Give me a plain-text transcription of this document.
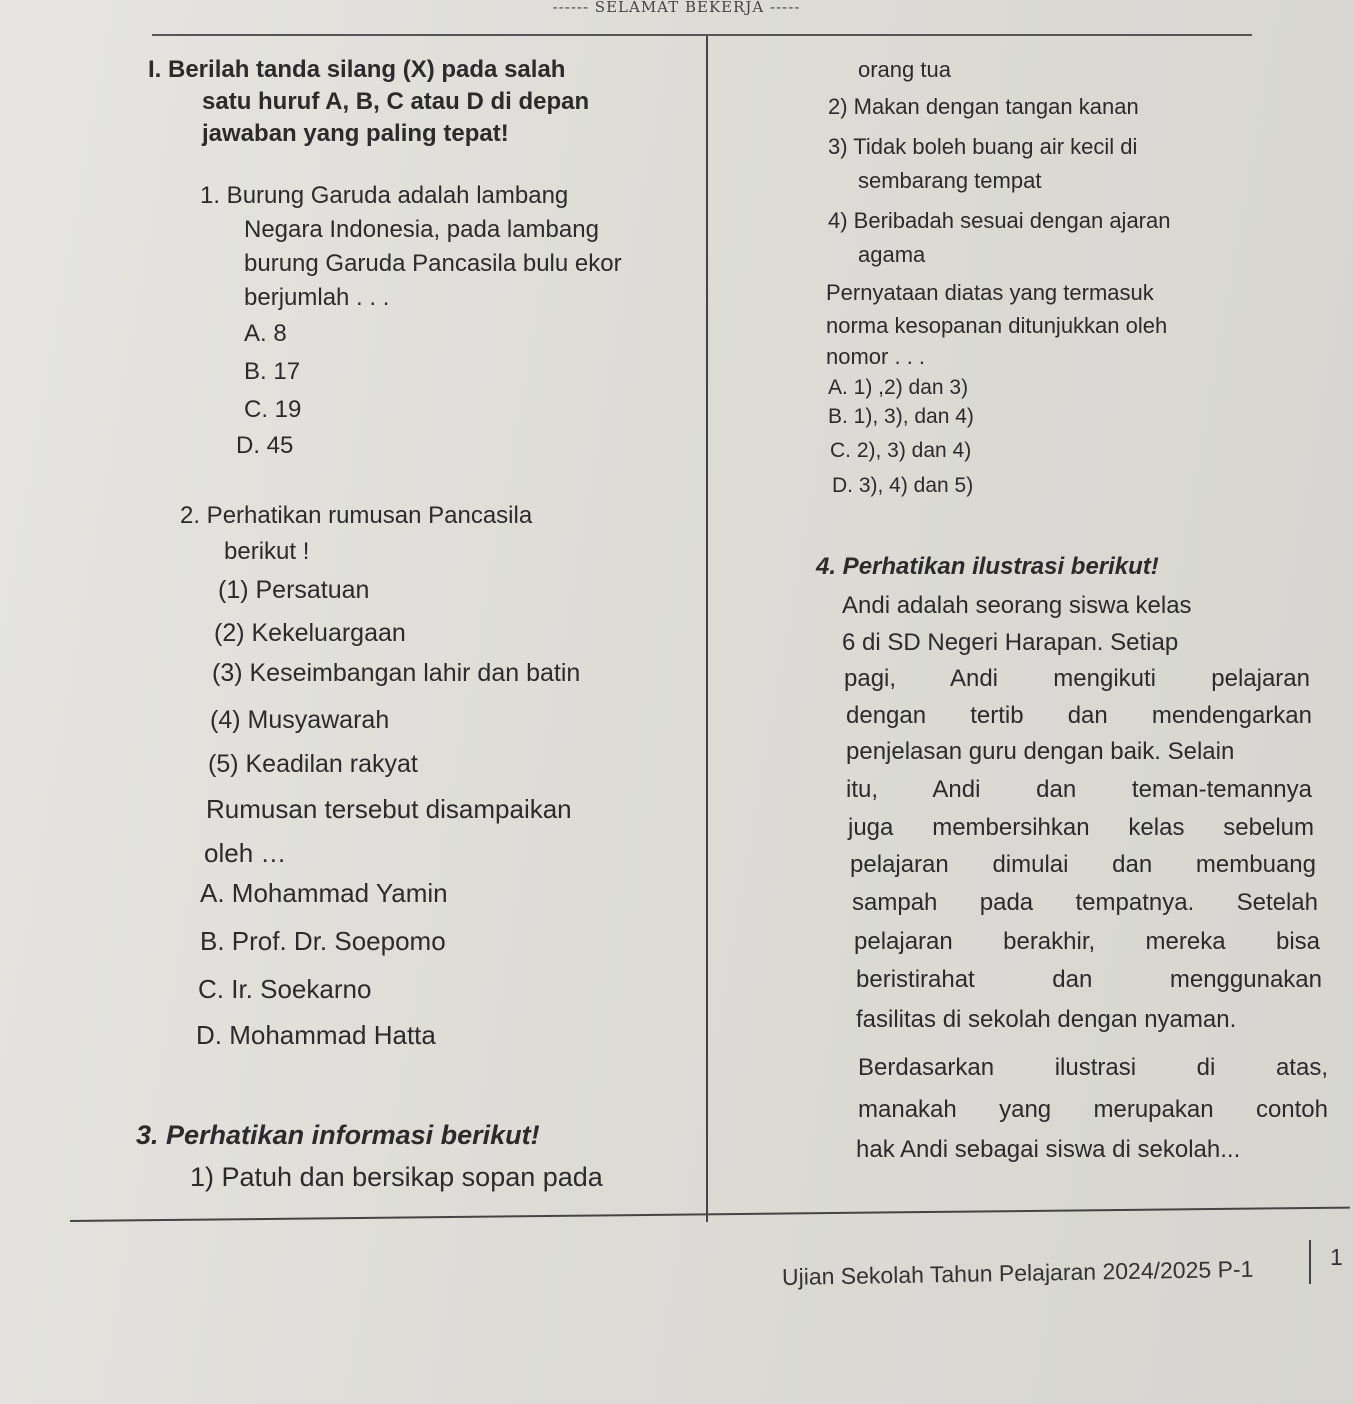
------ SELAMAT BEKERJA -----
I. Berilah tanda silang (X) pada salah
satu huruf A, B, C atau D di depan
jawaban yang paling tepat!
1. Burung Garuda adalah lambang
Negara Indonesia, pada lambang
burung Garuda Pancasila bulu ekor
berjumlah . . .
A. 8
B. 17
C. 19
D. 45
2. Perhatikan rumusan Pancasila
berikut !
(1) Persatuan
(2) Kekeluargaan
(3) Keseimbangan lahir dan batin
(4) Musyawarah
(5) Keadilan rakyat
Rumusan tersebut disampaikan
oleh …
A. Mohammad Yamin
B. Prof. Dr. Soepomo
C. Ir. Soekarno
D. Mohammad Hatta
3. Perhatikan informasi berikut!
1) Patuh dan bersikap sopan pada
orang tua
2) Makan dengan tangan kanan
3) Tidak boleh buang air kecil di
sembarang tempat
4) Beribadah sesuai dengan ajaran
agama
Pernyataan diatas yang termasuk
norma kesopanan ditunjukkan oleh
nomor . . .
A. 1) ,2) dan 3)
B. 1), 3), dan 4)
C. 2), 3) dan 4)
D. 3), 4) dan 5)
4. Perhatikan ilustrasi berikut!
Andi adalah seorang siswa kelas
6 di SD Negeri Harapan. Setiap
pagi, Andi mengikuti pelajaran
dengan tertib dan mendengarkan
penjelasan guru dengan baik. Selain
itu, Andi dan teman-temannya
juga membersihkan kelas sebelum
pelajaran dimulai dan membuang
sampah pada tempatnya. Setelah
pelajaran berakhir, mereka bisa
beristirahat dan menggunakan
fasilitas di sekolah dengan nyaman.
Berdasarkan ilustrasi di atas,
manakah yang merupakan contoh
hak Andi sebagai siswa di sekolah...
Ujian Sekolah Tahun Pelajaran 2024/2025 P-1	1
